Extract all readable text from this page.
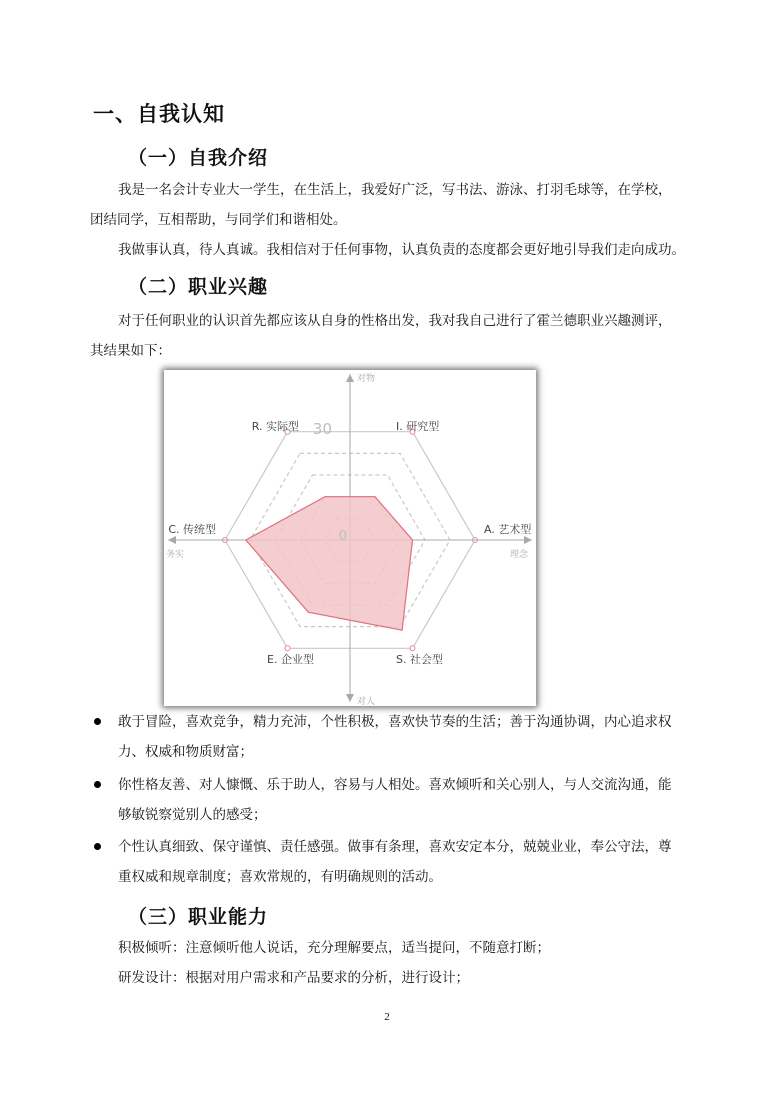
一、自我认知
（一）自我介绍
我是一名会计专业大一学生，在生活上，我爱好广泛，写书法、游泳、打羽毛球等，在学校，
团结同学，互相帮助，与同学们和谐相处。
我做事认真，待人真诚。我相信对于任何事物，认真负责的态度都会更好地引导我们走向成功。
（二）职业兴趣
对于任何职业的认识首先都应该从自身的性格出发，我对我自己进行了霍兰德职业兴趣测评，
其结果如下：
R. 实际型	I. 研究型
A. 艺术型
S. 社会型
E. 企业型
C. 传统型
30
0
对物
对人
务实	理念
敢于冒险，喜欢竞争，精力充沛，个性积极，喜欢快节奏的生活；善于沟通协调，内心追求权
力、权威和物质财富；
你性格友善、对人慷慨、乐于助人，容易与人相处。喜欢倾听和关心别人，与人交流沟通，能
够敏锐察觉别人的感受；
个性认真细致、保守谨慎、责任感强。做事有条理，喜欢安定本分，兢兢业业，奉公守法，尊
重权威和规章制度；喜欢常规的，有明确规则的活动。
（三）职业能力
积极倾听：注意倾听他人说话，充分理解要点，适当提问，不随意打断；
研发设计：根据对用户需求和产品要求的分析，进行设计；
2
